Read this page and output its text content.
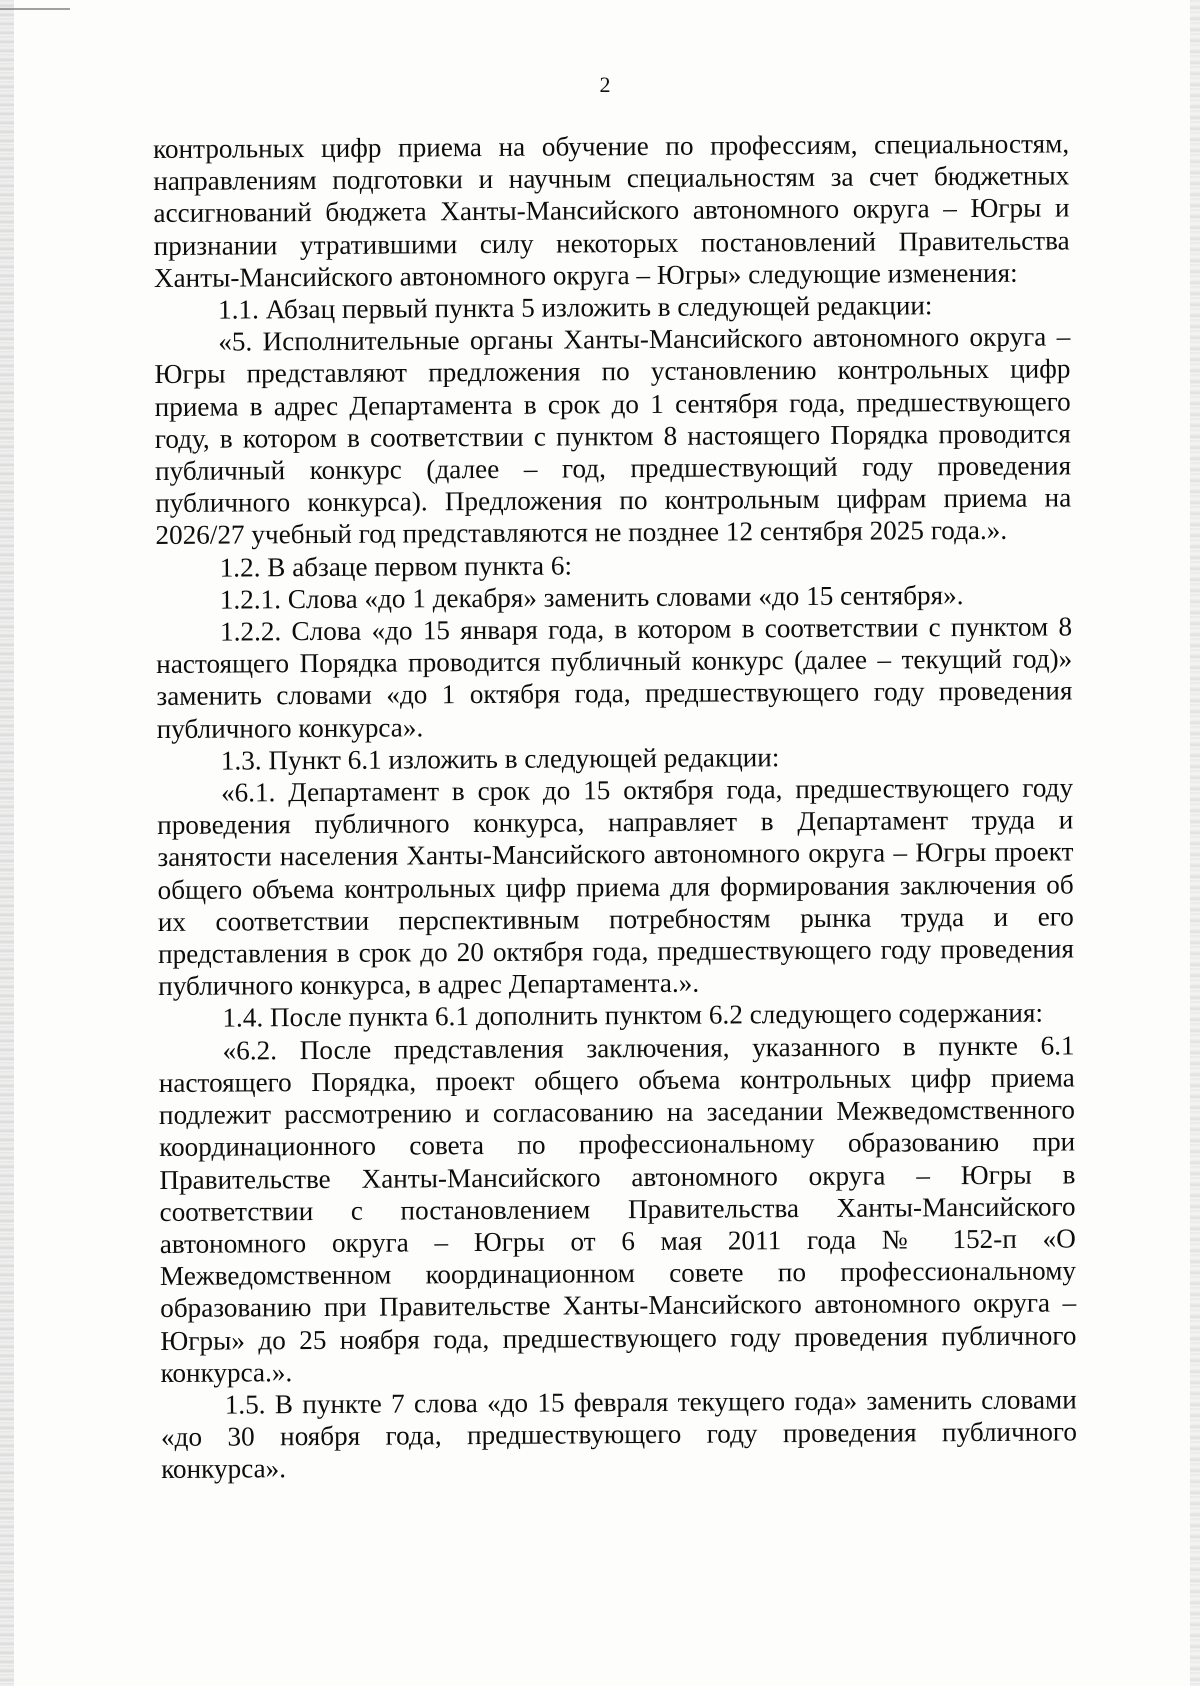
2

контрольных цифр приема на обучение по профессиям, специальностям, направлениям подготовки и научным специальностям за счет бюджетных ассигнований бюджета Ханты-Мансийского автономного округа – Югры и признании утратившими силу некоторых постановлений Правительства Ханты-Мансийского автономного округа – Югры» следующие изменения:

1.1. Абзац первый пункта 5 изложить в следующей редакции:

«5. Исполнительные органы Ханты-Мансийского автономного округа – Югры представляют предложения по установлению контрольных цифр приема в адрес Департамента в срок до 1 сентября года, предшествующего году, в котором в соответствии с пунктом 8 настоящего Порядка проводится публичный конкурс (далее – год, предшествующий году проведения публичного конкурса). Предложения по контрольным цифрам приема на 2026/27 учебный год представляются не позднее 12 сентября 2025 года.».

1.2. В абзаце первом пункта 6:

1.2.1. Слова «до 1 декабря» заменить словами «до 15 сентября».

1.2.2. Слова «до 15 января года, в котором в соответствии с пунктом 8 настоящего Порядка проводится публичный конкурс (далее – текущий год)» заменить словами «до 1 октября года, предшествующего году проведения публичного конкурса».

1.3. Пункт 6.1 изложить в следующей редакции:

«6.1. Департамент в срок до 15 октября года, предшествующего году проведения публичного конкурса, направляет в Департамент труда и занятости населения Ханты-Мансийского автономного округа – Югры проект общего объема контрольных цифр приема для формирования заключения об их соответствии перспективным потребностям рынка труда и его представления в срок до 20 октября года, предшествующего году проведения публичного конкурса, в адрес Департамента.».

1.4. После пункта 6.1 дополнить пунктом 6.2 следующего содержания:

«6.2. После представления заключения, указанного в пункте 6.1 настоящего Порядка, проект общего объема контрольных цифр приема подлежит рассмотрению и согласованию на заседании Межведомственного координационного совета по профессиональному образованию при Правительстве Ханты-Мансийского автономного округа – Югры в соответствии с постановлением Правительства Ханты-Мансийского автономного округа – Югры от 6 мая 2011 года № 152-п «О Межведомственном координационном совете по профессиональному образованию при Правительстве Ханты-Мансийского автономного округа – Югры» до 25 ноября года, предшествующего году проведения публичного конкурса.».

1.5. В пункте 7 слова «до 15 февраля текущего года» заменить словами «до 30 ноября года, предшествующего году проведения публичного конкурса».
